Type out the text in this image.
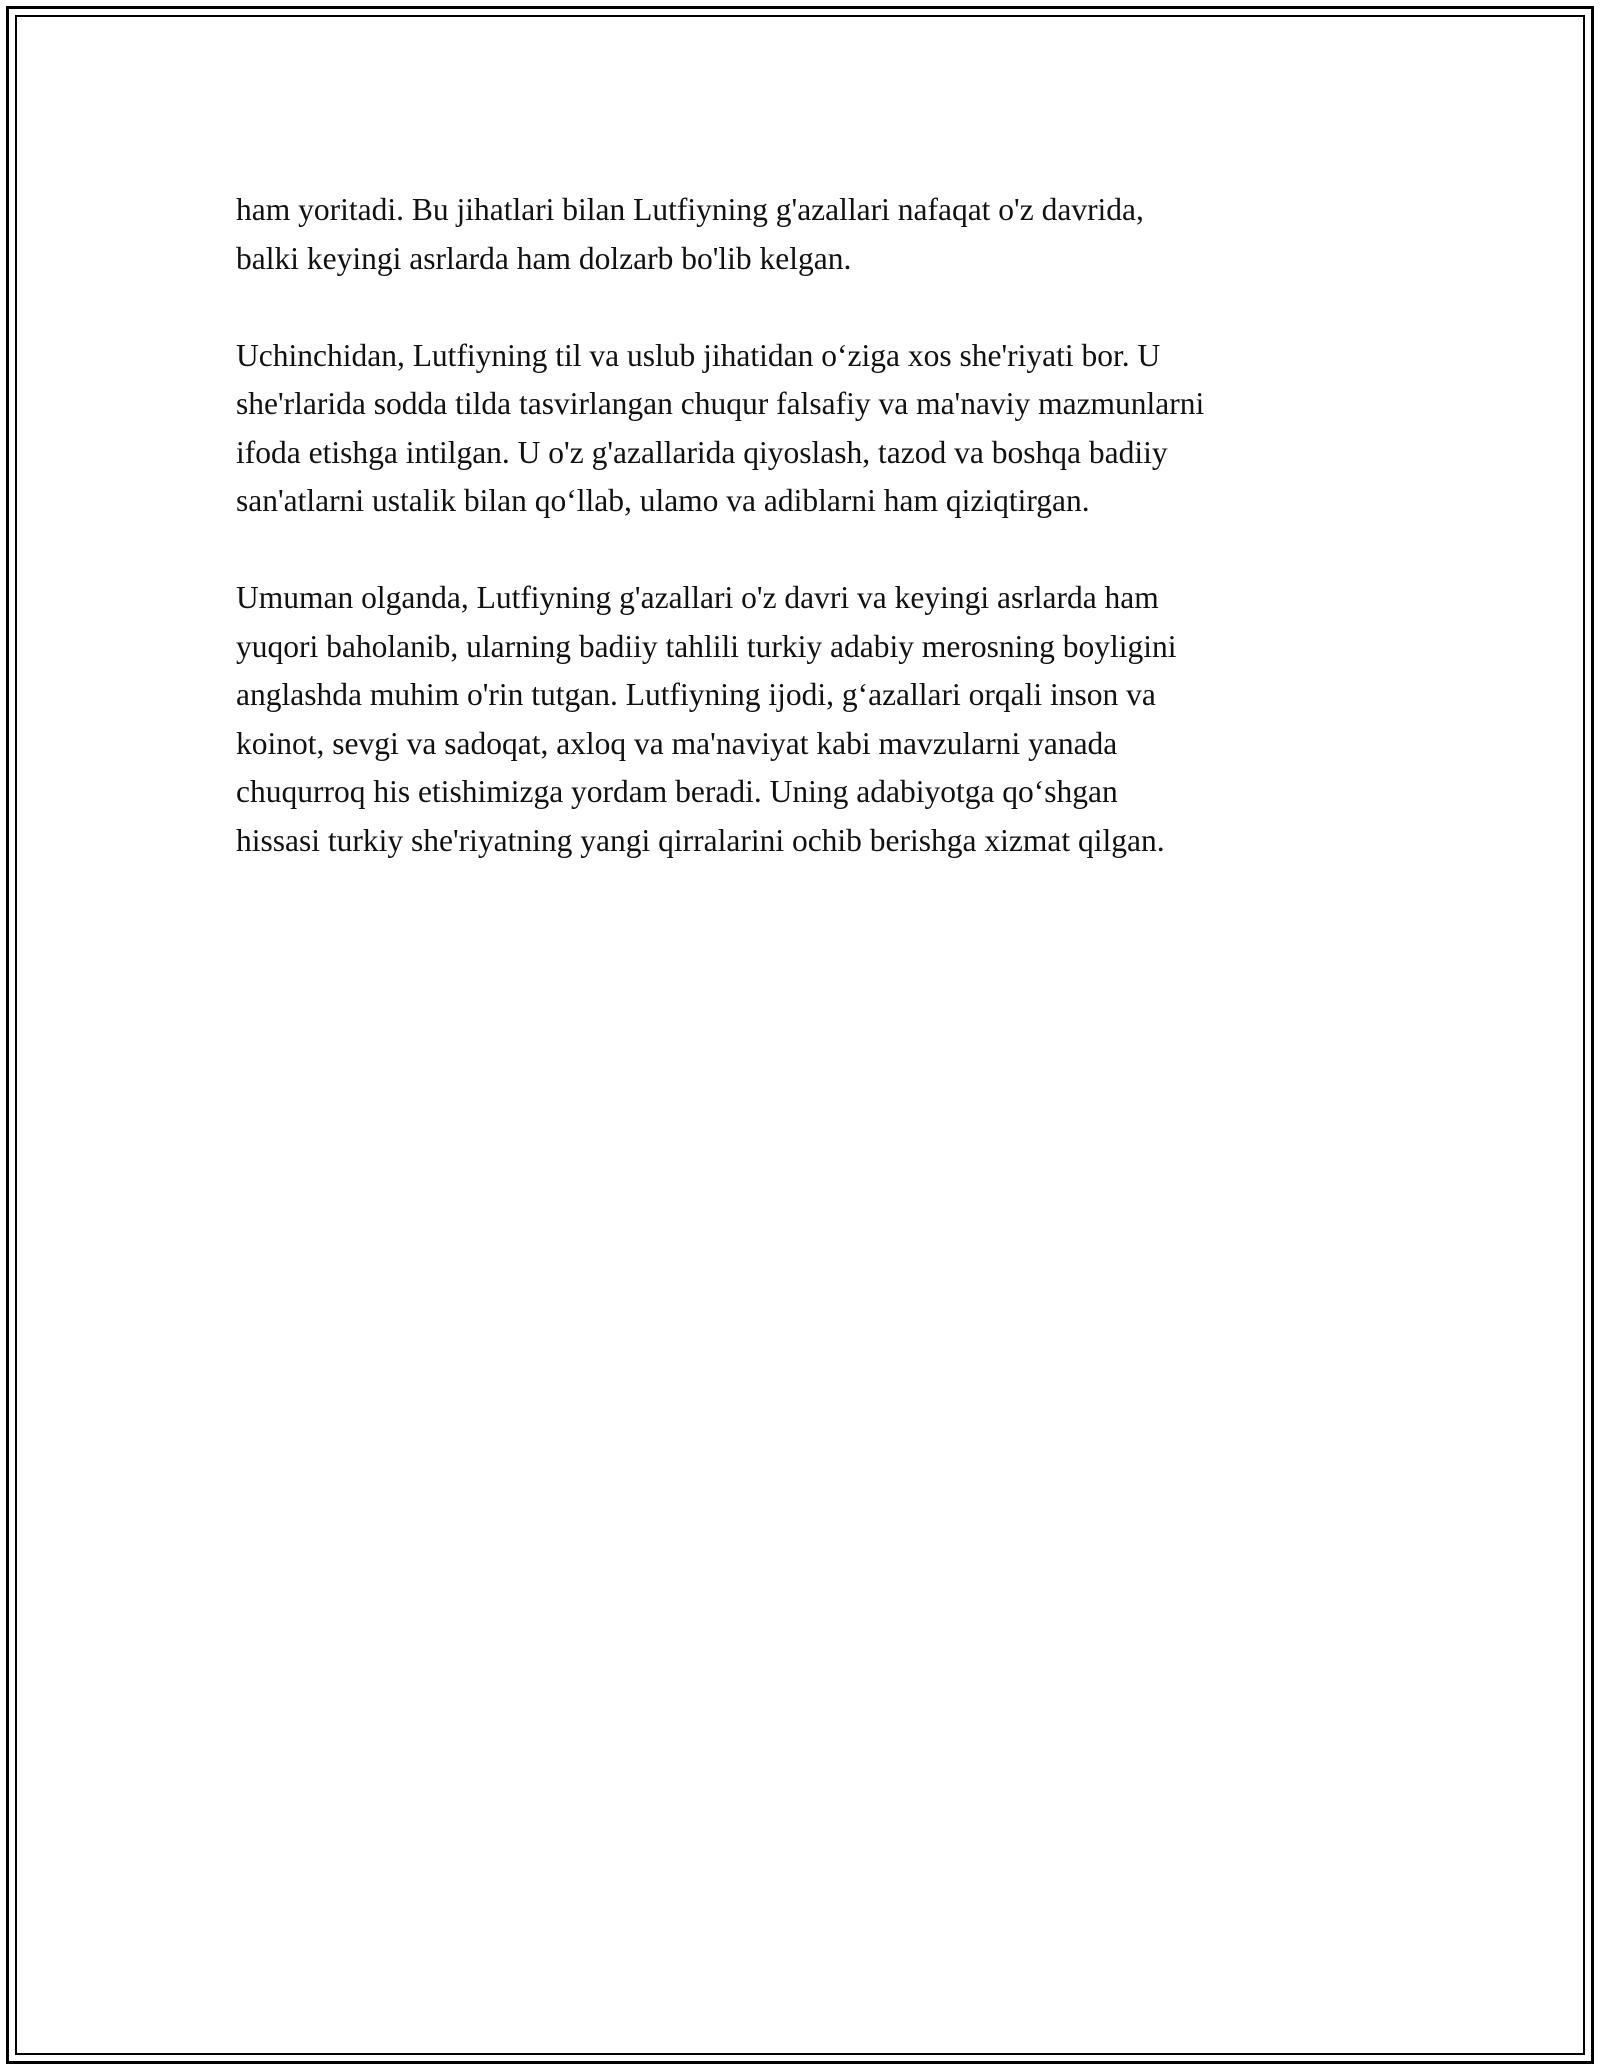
ham yoritadi. Bu jihatlari bilan Lutfiyning g'azallari nafaqat o'z davrida,
balki keyingi asrlarda ham dolzarb bo'lib kelgan.

Uchinchidan, Lutfiyning til va uslub jihatidan o‘ziga xos she'riyati bor. U
she'rlarida sodda tilda tasvirlangan chuqur falsafiy va ma'naviy mazmunlarni
ifoda etishga intilgan. U o'z g'azallarida qiyoslash, tazod va boshqa badiiy
san'atlarni ustalik bilan qo‘llab, ulamo va adiblarni ham qiziqtirgan.

Umuman olganda, Lutfiyning g'azallari o'z davri va keyingi asrlarda ham
yuqori baholanib, ularning badiiy tahlili turkiy adabiy merosning boyligini
anglashda muhim o'rin tutgan. Lutfiyning ijodi, g‘azallari orqali inson va
koinot, sevgi va sadoqat, axloq va ma'naviyat kabi mavzularni yanada
chuqurroq his etishimizga yordam beradi. Uning adabiyotga qo‘shgan
hissasi turkiy she'riyatning yangi qirralarini ochib berishga xizmat qilgan.
